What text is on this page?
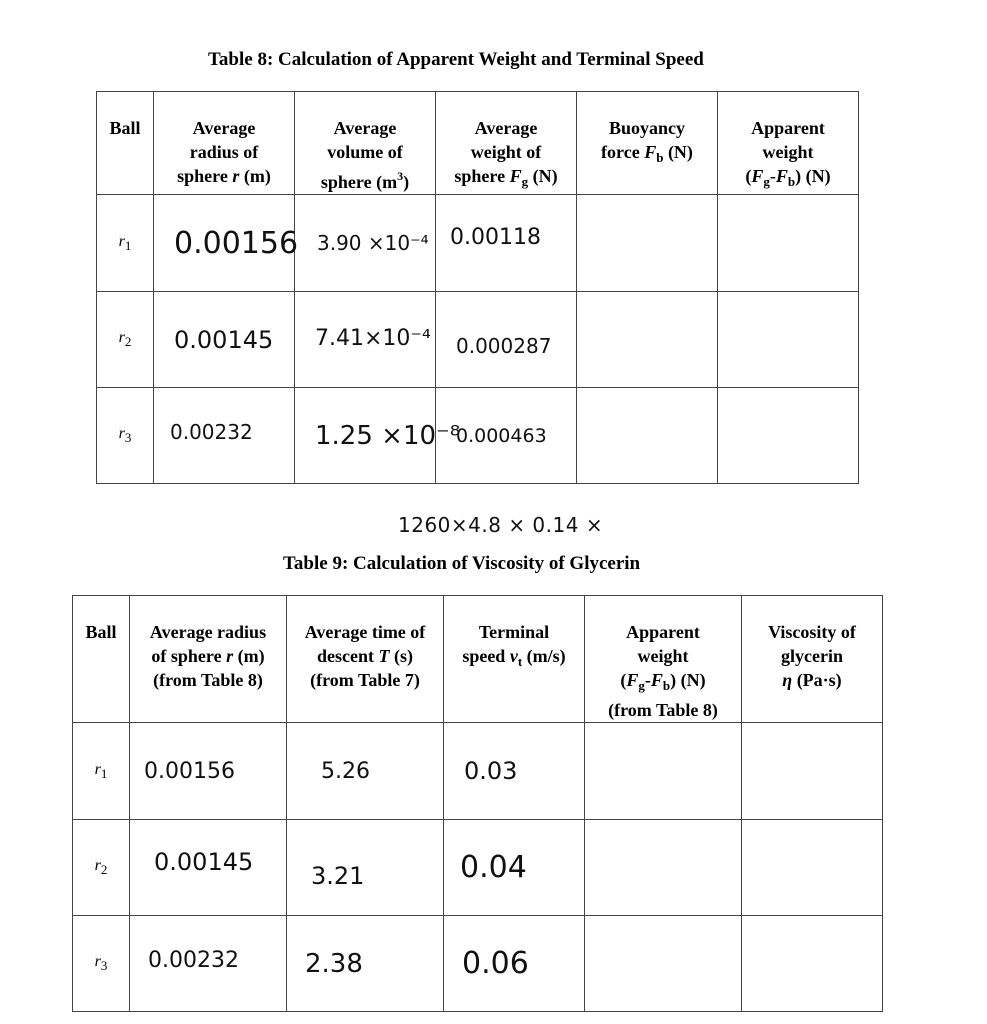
Table 8: Calculation of Apparent Weight and Terminal Speed
Ball	Average
radius of
sphere r (m)	Average
volume of
sphere $(m^3)$	Average
weight of
sphere $F_g$ (N)	Buoyancy
force $F_b$ (N)	Apparent
weight
$(F_g-F_b)$ (N)

$r_1$	0.00156	3.90 ×10⁻⁴	0.00118		
$r_2$	0.00145	7.41×10⁻⁴	0.000287		
$r_3$	0.00232	1.25 ×10⁻⁸	0.000463		
1260×4.8 × 0.14 ×
Table 9: Calculation of Viscosity of Glycerin
Ball	Average radius
of sphere r (m)
(from Table 8)	Average time of
descent T (s)
(from Table 7)	Terminal
speed $v_t$ (m/s)	Apparent
weight
$(F_g-F_b)$ (N)
(from Table 8)	Viscosity of
glycerin
η (Pa·s)

$r_1$	0.00156	5.26	0.03		
$r_2$	0.00145	3.21	0.04		
$r_3$	0.00232	2.38	0.06		
